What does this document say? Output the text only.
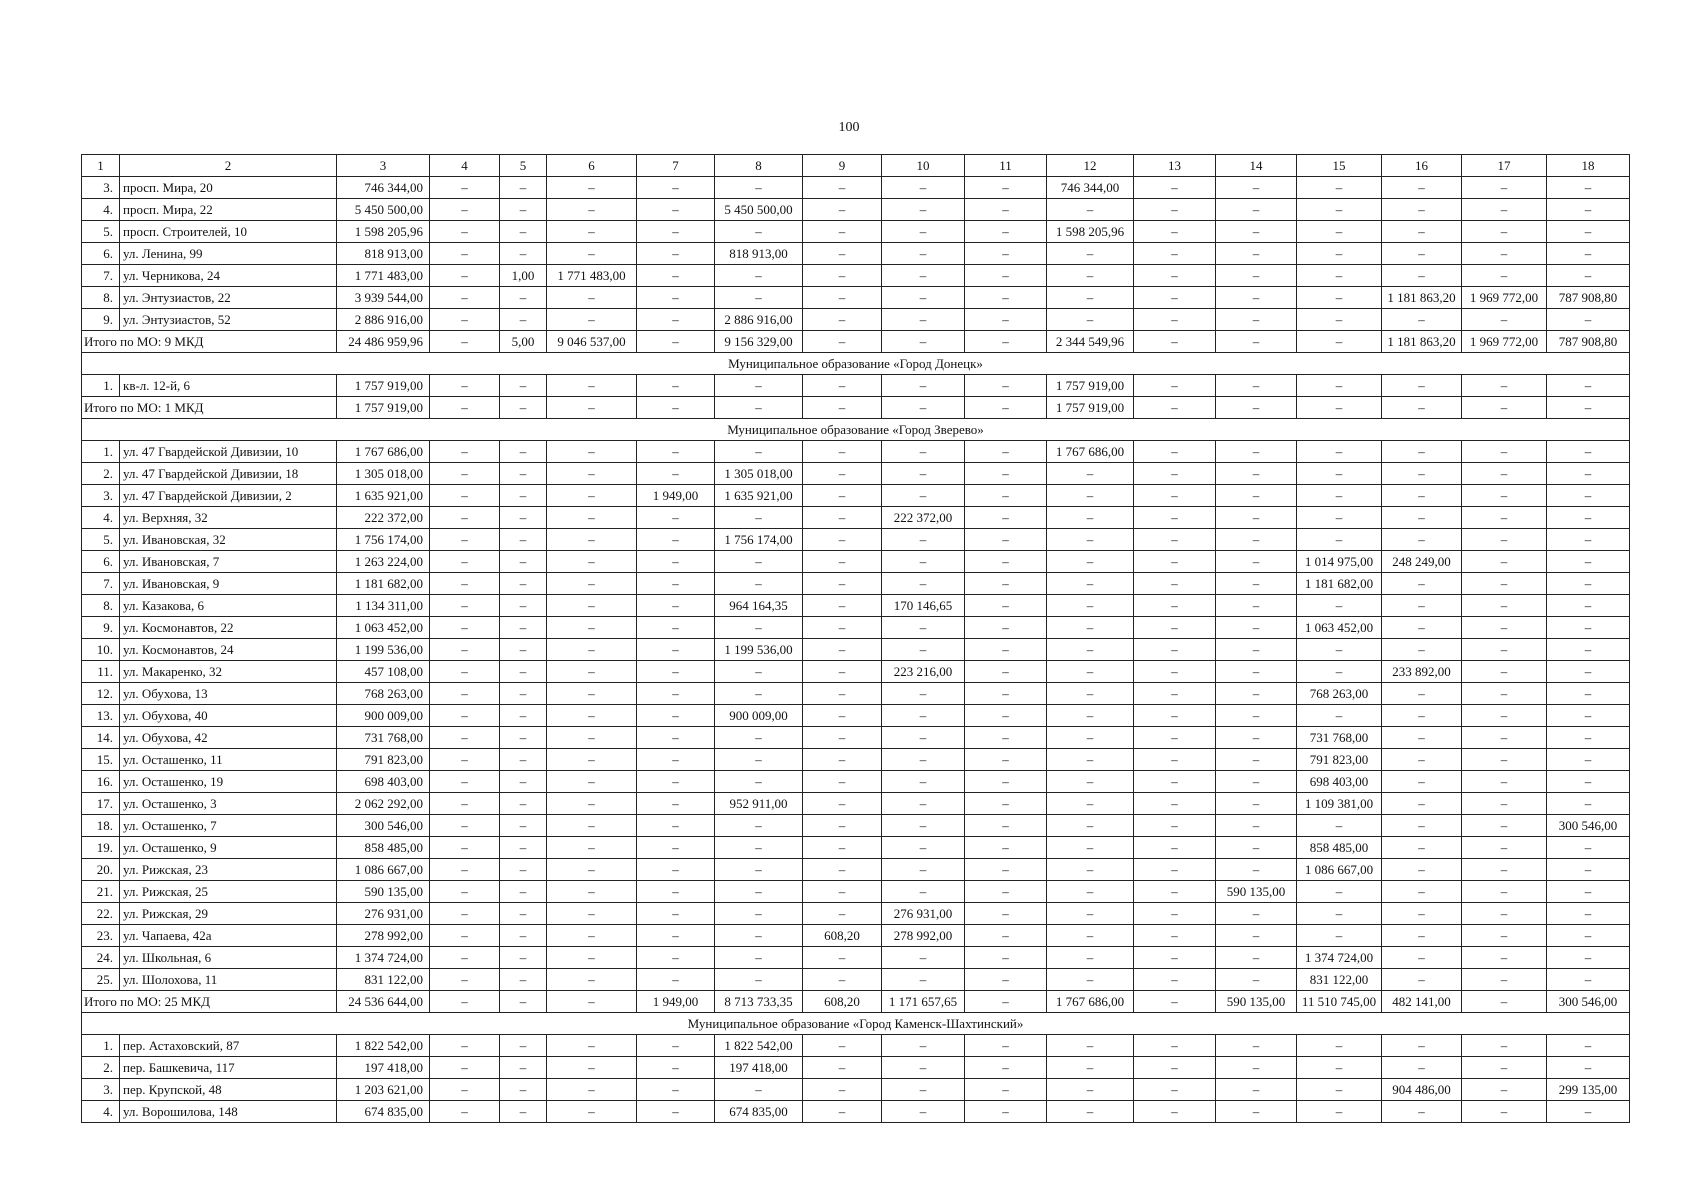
100
1	2	3	4	5	6	7	8	9	10	11	12	13	14	15	16	17	18
3.	просп. Мира, 20	746 344,00	–	–	–	–	–	–	–	–	746 344,00	–	–	–	–	–	–
4.	просп. Мира, 22	5 450 500,00	–	–	–	–	5 450 500,00	–	–	–	–	–	–	–	–	–	–
5.	просп. Строителей, 10	1 598 205,96	–	–	–	–	–	–	–	–	1 598 205,96	–	–	–	–	–	–
6.	ул. Ленина, 99	818 913,00	–	–	–	–	818 913,00	–	–	–	–	–	–	–	–	–	–
7.	ул. Черникова, 24	1 771 483,00	–	1,00	1 771 483,00	–	–	–	–	–	–	–	–	–	–	–	–
8.	ул. Энтузиастов, 22	3 939 544,00	–	–	–	–	–	–	–	–	–	–	–	–	1 181 863,20	1 969 772,00	787 908,80
9.	ул. Энтузиастов, 52	2 886 916,00	–	–	–	–	2 886 916,00	–	–	–	–	–	–	–	–	–	–
Итого по МО: 9 МКД		24 486 959,96	–	5,00	9 046 537,00	–	9 156 329,00	–	–	–	2 344 549,96	–	–	–	1 181 863,20	1 969 772,00	787 908,80
Муниципальное образование «Город Донецк»																	
1.	кв-л. 12-й, 6	1 757 919,00	–	–	–	–	–	–	–	–	1 757 919,00	–	–	–	–	–	–
Итого по МО: 1 МКД		1 757 919,00	–	–	–	–	–	–	–	–	1 757 919,00	–	–	–	–	–	–
Муниципальное образование «Город Зверево»																	
1.	ул. 47 Гвардейской Дивизии, 10	1 767 686,00	–	–	–	–	–	–	–	–	1 767 686,00	–	–	–	–	–	–
2.	ул. 47 Гвардейской Дивизии, 18	1 305 018,00	–	–	–	–	1 305 018,00	–	–	–	–	–	–	–	–	–	–
3.	ул. 47 Гвардейской Дивизии, 2	1 635 921,00	–	–	–	1 949,00	1 635 921,00	–	–	–	–	–	–	–	–	–	–
4.	ул. Верхняя, 32	222 372,00	–	–	–	–	–	–	222 372,00	–	–	–	–	–	–	–	–
5.	ул. Ивановская, 32	1 756 174,00	–	–	–	–	1 756 174,00	–	–	–	–	–	–	–	–	–	–
6.	ул. Ивановская, 7	1 263 224,00	–	–	–	–	–	–	–	–	–	–	–	1 014 975,00	248 249,00	–	–
7.	ул. Ивановская, 9	1 181 682,00	–	–	–	–	–	–	–	–	–	–	–	1 181 682,00	–	–	–
8.	ул. Казакова, 6	1 134 311,00	–	–	–	–	964 164,35	–	170 146,65	–	–	–	–	–	–	–	–
9.	ул. Космонавтов, 22	1 063 452,00	–	–	–	–	–	–	–	–	–	–	–	1 063 452,00	–	–	–
10.	ул. Космонавтов, 24	1 199 536,00	–	–	–	–	1 199 536,00	–	–	–	–	–	–	–	–	–	–
11.	ул. Макаренко, 32	457 108,00	–	–	–	–	–	–	223 216,00	–	–	–	–	–	233 892,00	–	–
12.	ул. Обухова, 13	768 263,00	–	–	–	–	–	–	–	–	–	–	–	768 263,00	–	–	–
13.	ул. Обухова, 40	900 009,00	–	–	–	–	900 009,00	–	–	–	–	–	–	–	–	–	–
14.	ул. Обухова, 42	731 768,00	–	–	–	–	–	–	–	–	–	–	–	731 768,00	–	–	–
15.	ул. Осташенко, 11	791 823,00	–	–	–	–	–	–	–	–	–	–	–	791 823,00	–	–	–
16.	ул. Осташенко, 19	698 403,00	–	–	–	–	–	–	–	–	–	–	–	698 403,00	–	–	–
17.	ул. Осташенко, 3	2 062 292,00	–	–	–	–	952 911,00	–	–	–	–	–	–	1 109 381,00	–	–	–
18.	ул. Осташенко, 7	300 546,00	–	–	–	–	–	–	–	–	–	–	–	–	–	–	300 546,00
19.	ул. Осташенко, 9	858 485,00	–	–	–	–	–	–	–	–	–	–	–	858 485,00	–	–	–
20.	ул. Рижская, 23	1 086 667,00	–	–	–	–	–	–	–	–	–	–	–	1 086 667,00	–	–	–
21.	ул. Рижская, 25	590 135,00	–	–	–	–	–	–	–	–	–	–	590 135,00	–	–	–	–
22.	ул. Рижская, 29	276 931,00	–	–	–	–	–	–	276 931,00	–	–	–	–	–	–	–	–
23.	ул. Чапаева, 42а	278 992,00	–	–	–	–	–	608,20	278 992,00	–	–	–	–	–	–	–	–
24.	ул. Школьная, 6	1 374 724,00	–	–	–	–	–	–	–	–	–	–	–	1 374 724,00	–	–	–
25.	ул. Шолохова, 11	831 122,00	–	–	–	–	–	–	–	–	–	–	–	831 122,00	–	–	–
Итого по МО: 25 МКД		24 536 644,00	–	–	–	1 949,00	8 713 733,35	608,20	1 171 657,65	–	1 767 686,00	–	590 135,00	11 510 745,00	482 141,00	–	300 546,00
Муниципальное образование «Город Каменск-Шахтинский»																	
1.	пер. Астаховский, 87	1 822 542,00	–	–	–	–	1 822 542,00	–	–	–	–	–	–	–	–	–	–
2.	пер. Башкевича, 117	197 418,00	–	–	–	–	197 418,00	–	–	–	–	–	–	–	–	–	–
3.	пер. Крупской, 48	1 203 621,00	–	–	–	–	–	–	–	–	–	–	–	–	904 486,00	–	299 135,00
4.	ул. Ворошилова, 148	674 835,00	–	–	–	–	674 835,00	–	–	–	–	–	–	–	–	–	–
